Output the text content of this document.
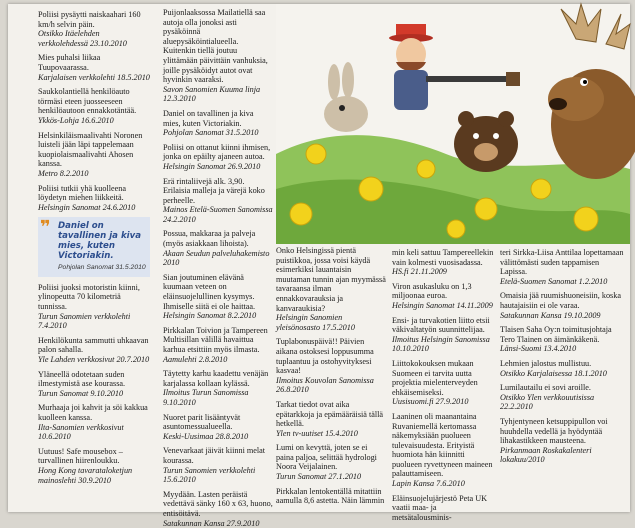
Poliisi pysäytti naiskaahari 160 km/h selvin päin.
Otsikko Itäelehden verkkolehdessä 23.10.2010
Mies puhalsi liikaa Tuupovaarassa.
Karjalaisen verkkolehti 18.5.2010
Saukkolantiellä henkilöauto törmäsi eteen juosseeseen henkilöautoon ennakkotäntää.
Ykkös-Lohja 16.6.2010
Helsinkiläismaalivahti Noronen luisteli jään läpi tappelemaan kuopiolaismaalivahti Ahosen kanssa.
Metro 8.2.2010
Poliisi tutkii yhä kuolleena löydetyn miehen liikkeitä.
Helsingin Sanomat 24.6.2010
❞ Daniel on tavallinen ja kiva mies, kuten Victoriakin.
Pohjolan Sanomat 31.5.2010
Poliisi juoksi motoristin kiinni, ylinopeutta 70 kilometriä tunnissa.
Turun Sanomien verkkolehti 7.4.2010
Henkilökunta sammutti uhkaavan palon sahalla.
Yle Lahden verkkosivut 20.7.2010
Yläneellä odotetaan suden ilmestymistä ase kourassa.
Turun Sanomat 9.10.2010
Murhaaja joi kahvit ja söi kakkua kuolleen kanssa.
Ilta-Sanomien verkkosivut 10.6.2010
Uutuus! Safe mousebox – turvallinen hiirenloukku.
Hong Kong tavarataloketjun mainoslehti 30.9.2010
Puijonlaaksossa Mailatiellä saa autoja olla jonoksi asti pysäköinnä aluepysäköintialueella. Kuitenkin tiellä joutuu ylittämään päivittäin vanhuksia, joille pysäköidyt autot ovat hyvinkin vaaraksi.
Savon Sanomien Kuuma linja 12.3.2010
Daniel on tavallinen ja kiva mies, kuten Victoriakin.
Pohjolan Sanomat 31.5.2010
Poliisi on ottanut kiinni ihmisen, jonka on epäilty ajaneen autoa.
Helsingin Sanomat 26.9.2010
Erä rintaliivejä alk. 3,90. Erilaisia malleja ja värejä koko perheelle.
Mainos Etelä-Suomen Sanomissa 24.2.2010
Possua, makkaraa ja palveja (myös asiakkaan lihoista).
Akaan Seudun palveluhakemisto 2010
Sian joutuminen elävänä kuumaan veteen on eläinsuojelullinen kysymys. Ihmiselle siitä ei ole haittaa.
Helsingin Sanomat 8.2.2010
Pirkkalan Toivion ja Tampereen Multisillan välillä havaittua karhua etsittiin myös ilmasta.
Aamulehti 2.8.2010
Täytetty karhu kaadettu venäjän karjalassa kollaan kylässä.
Ilmoitus Turun Sanomissa 9.10.2010
Nuoret parit lisääntyvät asuntomessualueella.
Keski-Uusimaa 28.8.2010
Venevarkaat jäivät kiinni melat kourassa.
Turun Sanomien verkkolehti 15.6.2010
Myydään. Lasten peräistä vedettävä sänky 160 x 63, huono, entisöitävä.
Satakunnan Kansa 27.9.2010
Onko Helsingissä pientä puistikkoa, jossa voisi käydä esimerkiksi lauantaisin muutaman tunnin ajan myymässä tavaraansa ilman ennakkovarauksia ja kanvaraukisia?
Helsingin Sanomien yleisönosasto 17.5.2010
Tuplabonuspäivä!! Päivien aikana ostoksesi loppusumma tuplaantuu ja ostohyvityksesi kasvaa!
Ilmoitus Kouvolan Sanomissa 26.8.2010
Tarkat tiedot ovat aika epätarkkoja ja epämääräisiä tällä hetkellä.
Ylen tv-uutiset 15.4.2010
Lumi on kevyttä, joten se ei paina paljoa, selittää hydrologi Noora Veijalainen.
Turun Sanomat 27.1.2010
Pirkkalan lentokentällä mitattiin aamulla 8,6 astetta. Näin lämmin
min keli sattuu Tampereellekin vain kolmesti vuosisadassa.
HS.fi 21.11.2009
Viron asukasluku on 1,3 miljoonaa euroa.
Helsingin Sanomat 14.11.2009
Ensi- ja turvakotien liitto etsii väkivaltatyön suunnittelijaa.
Ilmoitus Helsingin Sanomissa 10.10.2010
Liittokokouksen mukaan Suomeen ei tarvita uutta projektia mielenterveyden ehkäisemiseksi.
Uusisuomi.fi 27.9.2010
Laaninen oli maanantaina Ruvaniemellä kertomassa näkemyksiään puolueen tulevaisuudesta. Erityistä huomiota hän kiinnitti puolueen ryvettyneen maineen palauttamiseen.
Lapin Kansa 7.6.2010
Eläinsuojelujärjestö Peta UK vaatii maa- ja metsätalousminis-
teri Sirkka-Liisa Anttilaa lopettamaan välittömästi suden tappamisen Lapissa.
Etelä-Suomen Sanomat 1.2.2010
Omaisia jää ruumishuoneisiin, koska hautajaisiin ei ole varaa.
Satakunnan Kansa 19.10.2009
Tlaisen Saha Oy:n toimitusjohtaja Tero Tlainen on äimänkäkenä.
Länsi-Suomi 13.4.2010
Lehmien jalostus mullistuu.
Otsikko Karjalaisessa 18.1.2010
Lumilautailu ei sovi aroille.
Otsikko Ylen verkkouutisissa 22.2.2010
Tyhjentyneen ketsuppipullon voi huuhdella vedellä ja hyödyntää lihakastikkeen mausteena.
Pirkanmaan Roskakalenteri lokakuu/2010
